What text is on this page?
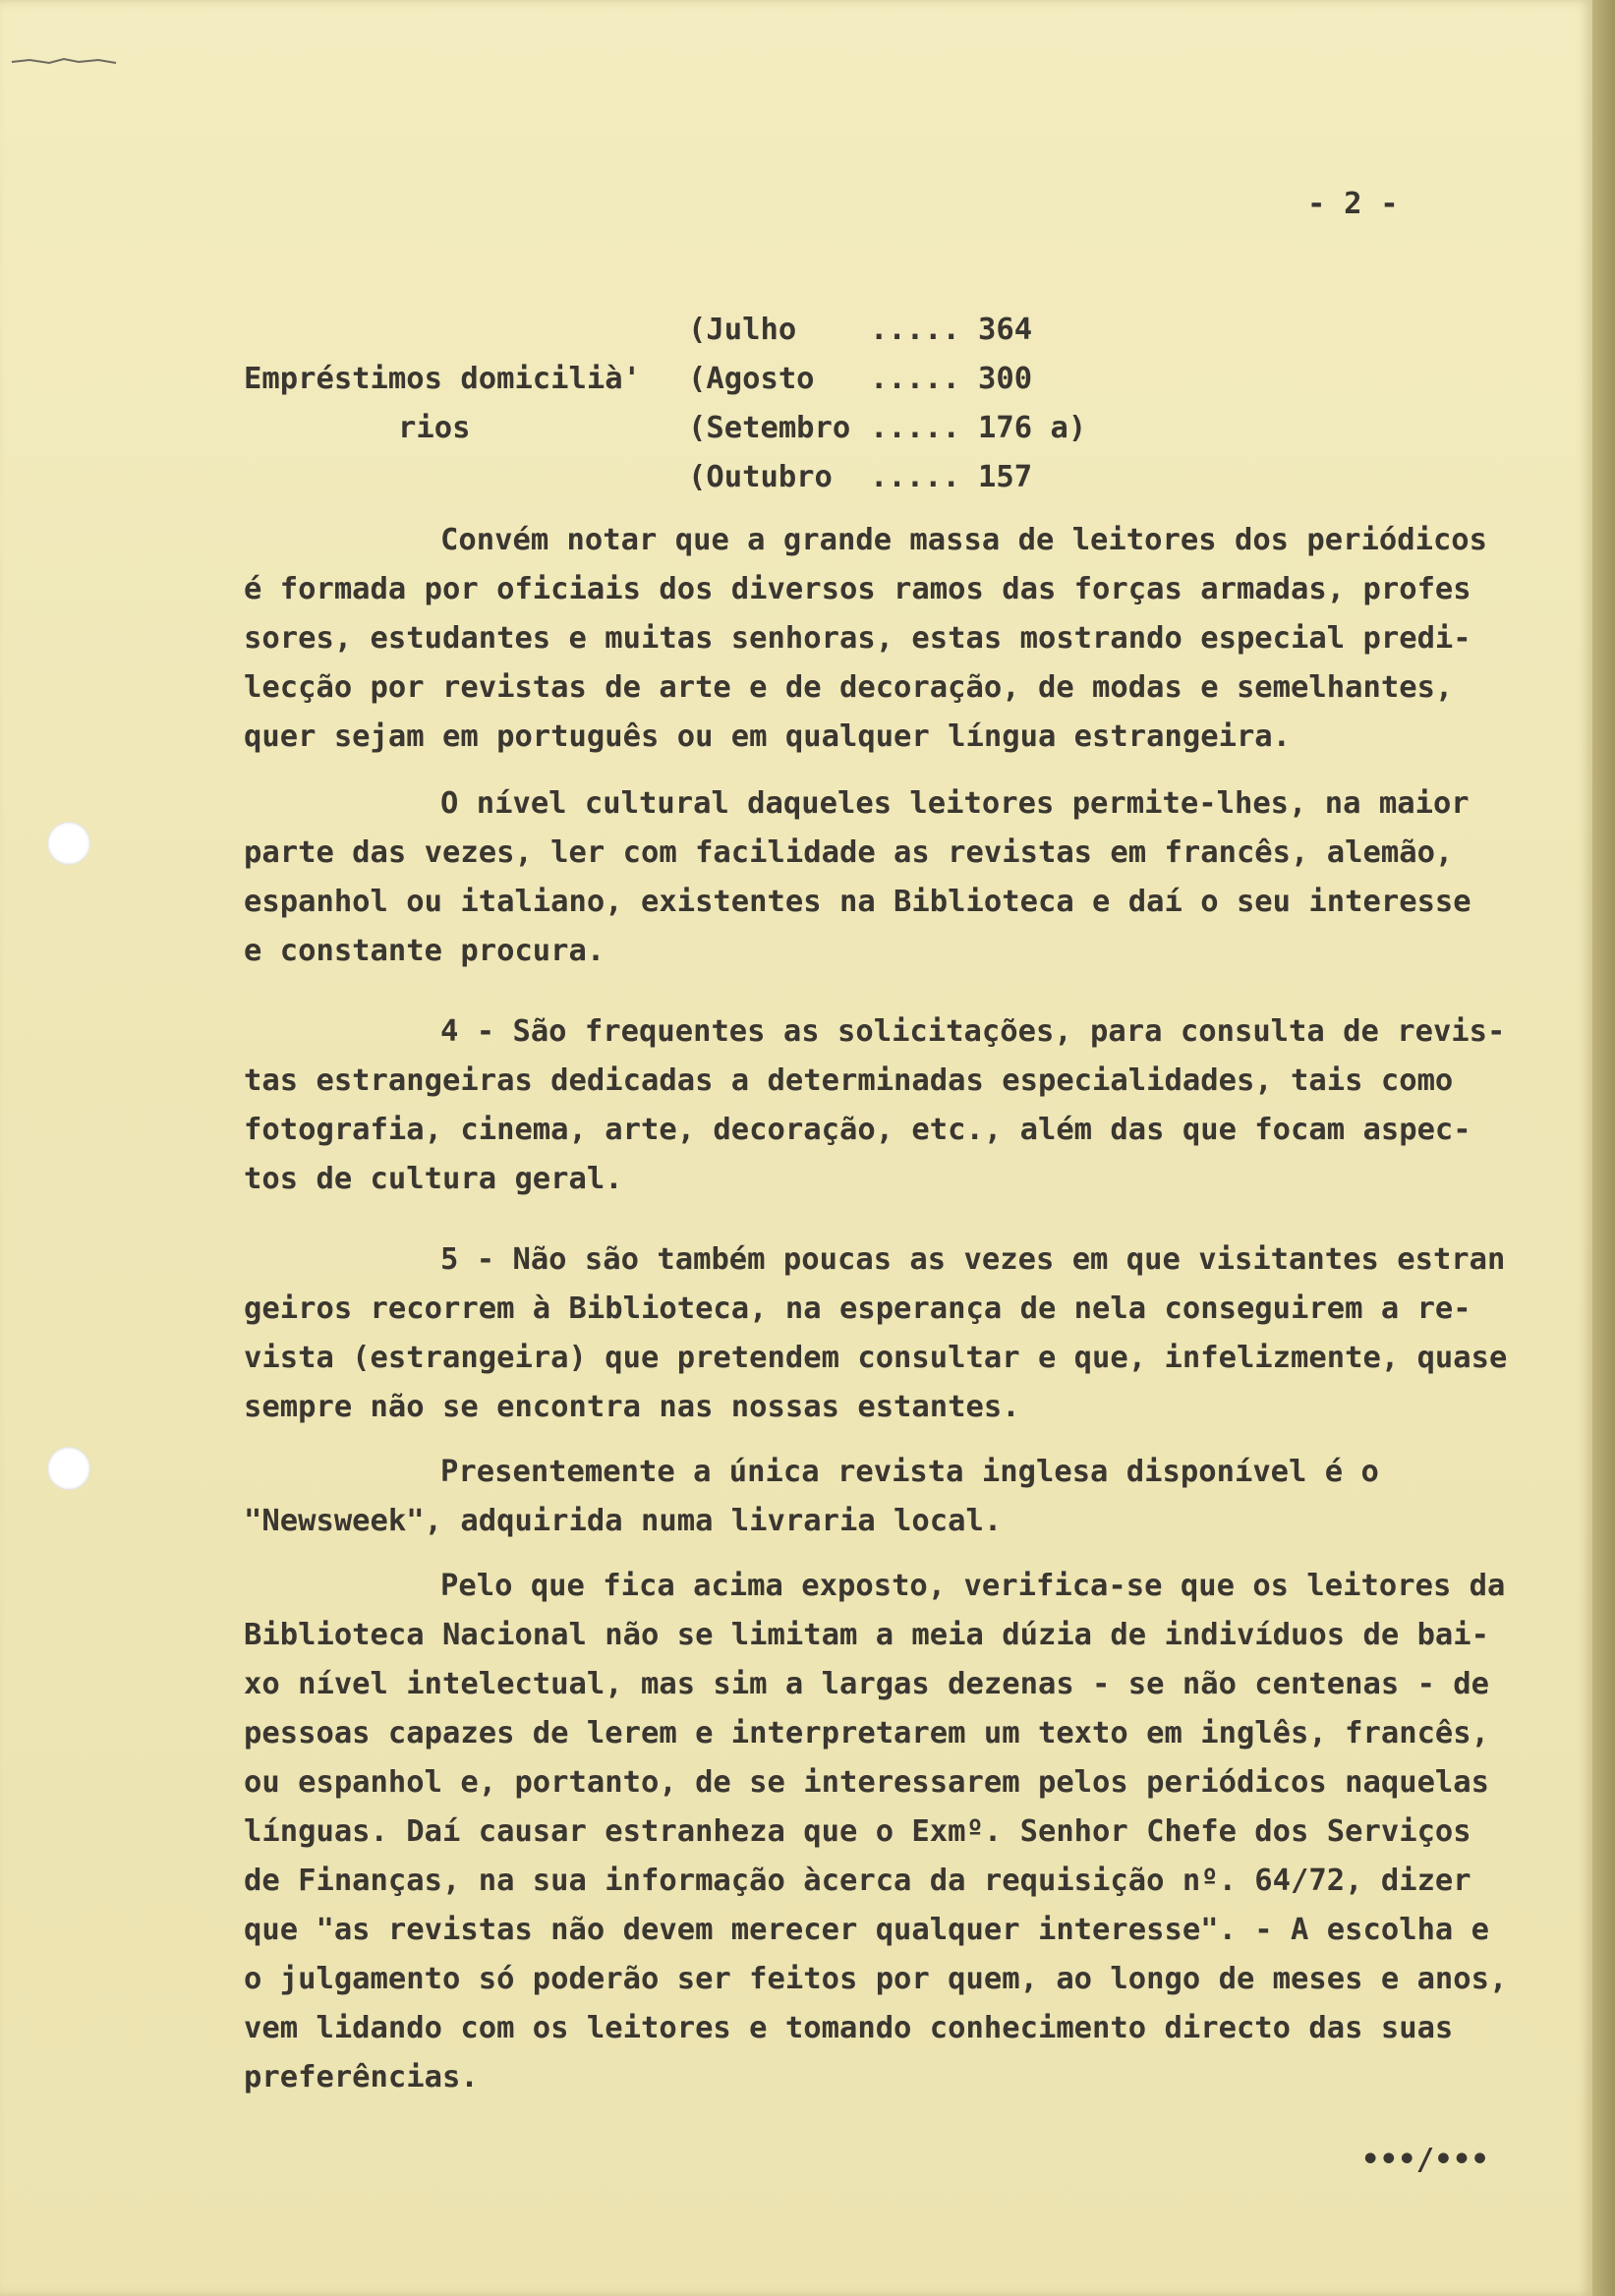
- 2 -
Empréstimos domicilià'
rios
(Julho ..... 364
(Agosto ..... 300
(Setembro ..... 176 a)
(Outubro ..... 157
Convém notar que a grande massa de leitores dos periódicos
é formada por oficiais dos diversos ramos das forças armadas, profes
sores, estudantes e muitas senhoras, estas mostrando especial predi-
lecção por revistas de arte e de decoração, de modas e semelhantes,
quer sejam em português ou em qualquer língua estrangeira.
O nível cultural daqueles leitores permite-lhes, na maior
parte das vezes, ler com facilidade as revistas em francês, alemão,
espanhol ou italiano, existentes na Biblioteca e daí o seu interesse
e constante procura.
4 - São frequentes as solicitações, para consulta de revis-
tas estrangeiras dedicadas a determinadas especialidades, tais como
fotografia, cinema, arte, decoração, etc., além das que focam aspec-
tos de cultura geral.
5 - Não são também poucas as vezes em que visitantes estran
geiros recorrem à Biblioteca, na esperança de nela conseguirem a re-
vista (estrangeira) que pretendem consultar e que, infelizmente, quase
sempre não se encontra nas nossas estantes.
Presentemente a única revista inglesa disponível é o
"Newsweek", adquirida numa livraria local.
Pelo que fica acima exposto, verifica-se que os leitores da
Biblioteca Nacional não se limitam a meia dúzia de indivíduos de bai-
xo nível intelectual, mas sim a largas dezenas - se não centenas - de
pessoas capazes de lerem e interpretarem um texto em inglês, francês,
ou espanhol e, portanto, de se interessarem pelos periódicos naquelas
línguas. Daí causar estranheza que o Exmº. Senhor Chefe dos Serviços
de Finanças, na sua informação àcerca da requisição nº. 64/72, dizer
que "as revistas não devem merecer qualquer interesse". - A escolha e
o julgamento só poderão ser feitos por quem, ao longo de meses e anos,
vem lidando com os leitores e tomando conhecimento directo das suas
preferências.
•••/•••
